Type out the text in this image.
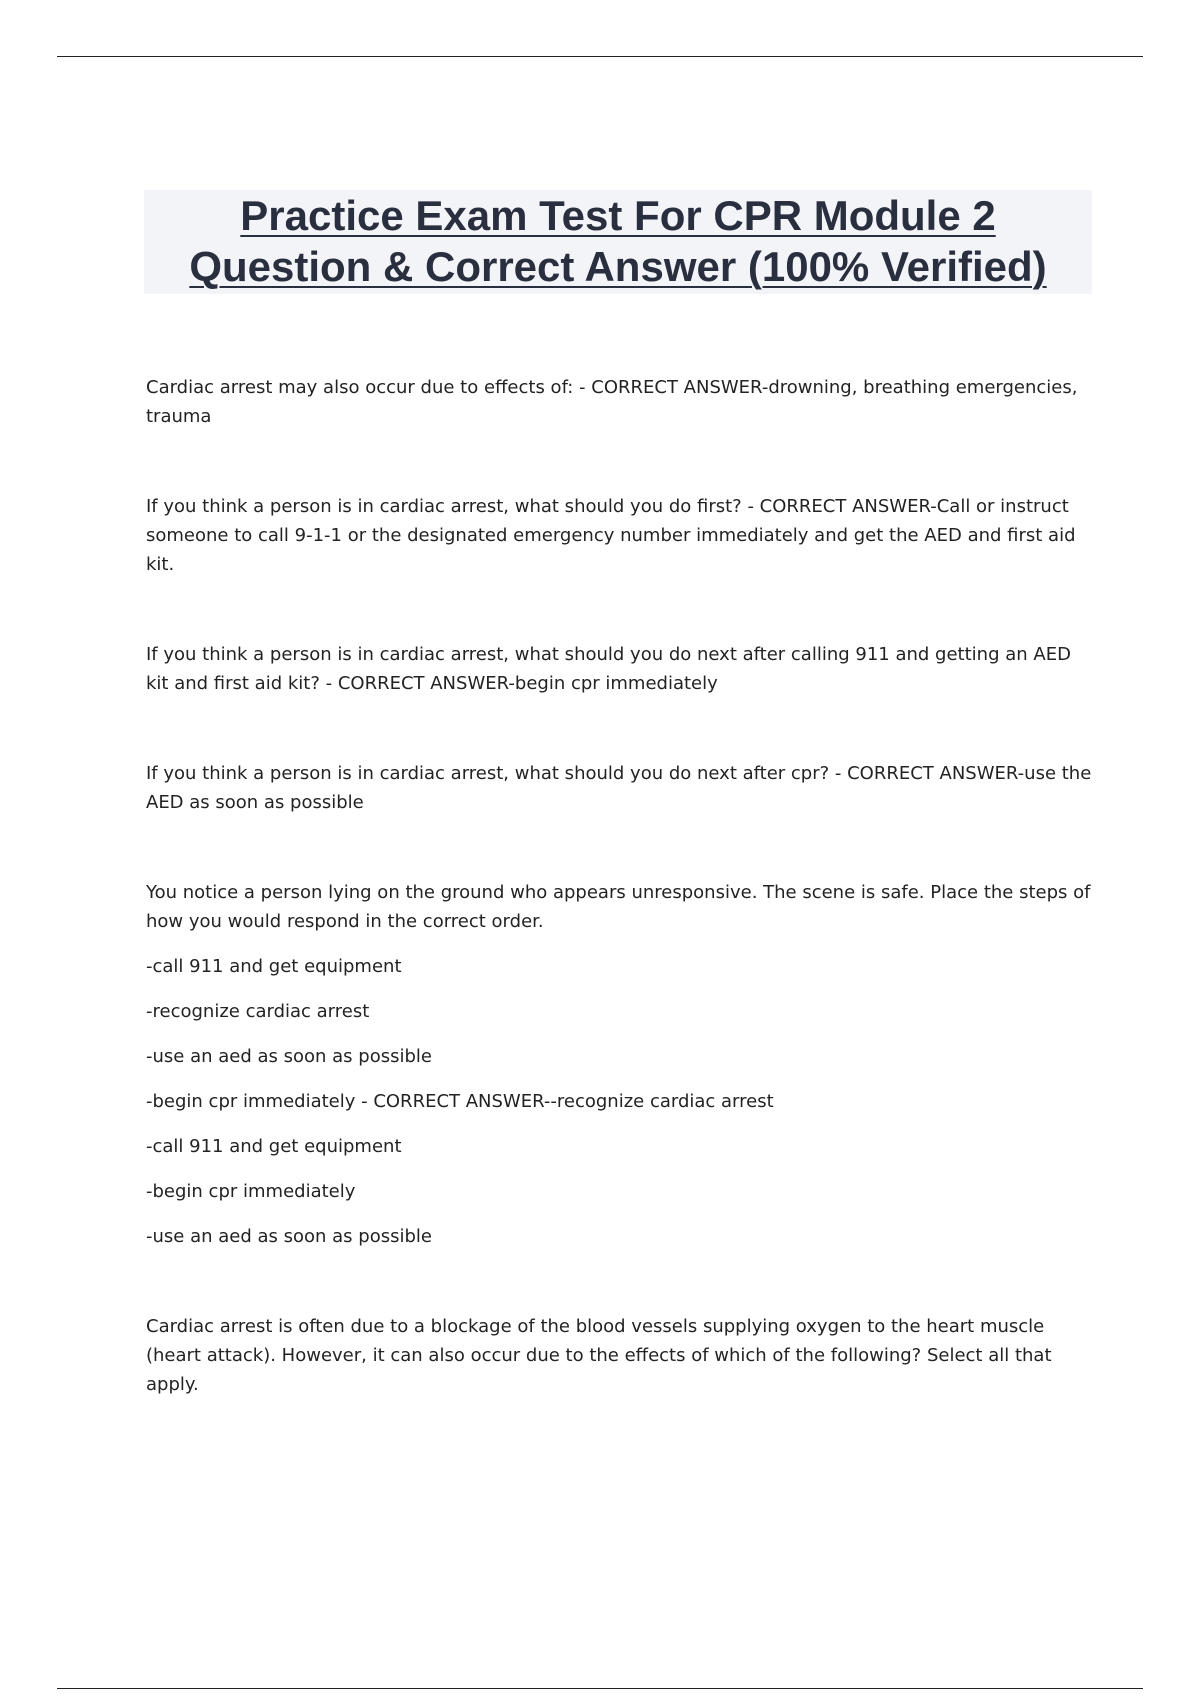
Practice Exam Test For CPR Module 2
Question & Correct Answer (100% Verified)

Cardiac arrest may also occur due to effects of: - CORRECT ANSWER-drowning, breathing emergencies, trauma

If you think a person is in cardiac arrest, what should you do first? - CORRECT ANSWER-Call or instruct someone to call 9-1-1 or the designated emergency number immediately and get the AED and first aid kit.

If you think a person is in cardiac arrest, what should you do next after calling 911 and getting an AED kit and first aid kit? - CORRECT ANSWER-begin cpr immediately

If you think a person is in cardiac arrest, what should you do next after cpr? - CORRECT ANSWER-use the AED as soon as possible

You notice a person lying on the ground who appears unresponsive. The scene is safe. Place the steps of how you would respond in the correct order.

-call 911 and get equipment

-recognize cardiac arrest

-use an aed as soon as possible

-begin cpr immediately - CORRECT ANSWER--recognize cardiac arrest

-call 911 and get equipment

-begin cpr immediately

-use an aed as soon as possible

Cardiac arrest is often due to a blockage of the blood vessels supplying oxygen to the heart muscle (heart attack). However, it can also occur due to the effects of which of the following? Select all that apply.
